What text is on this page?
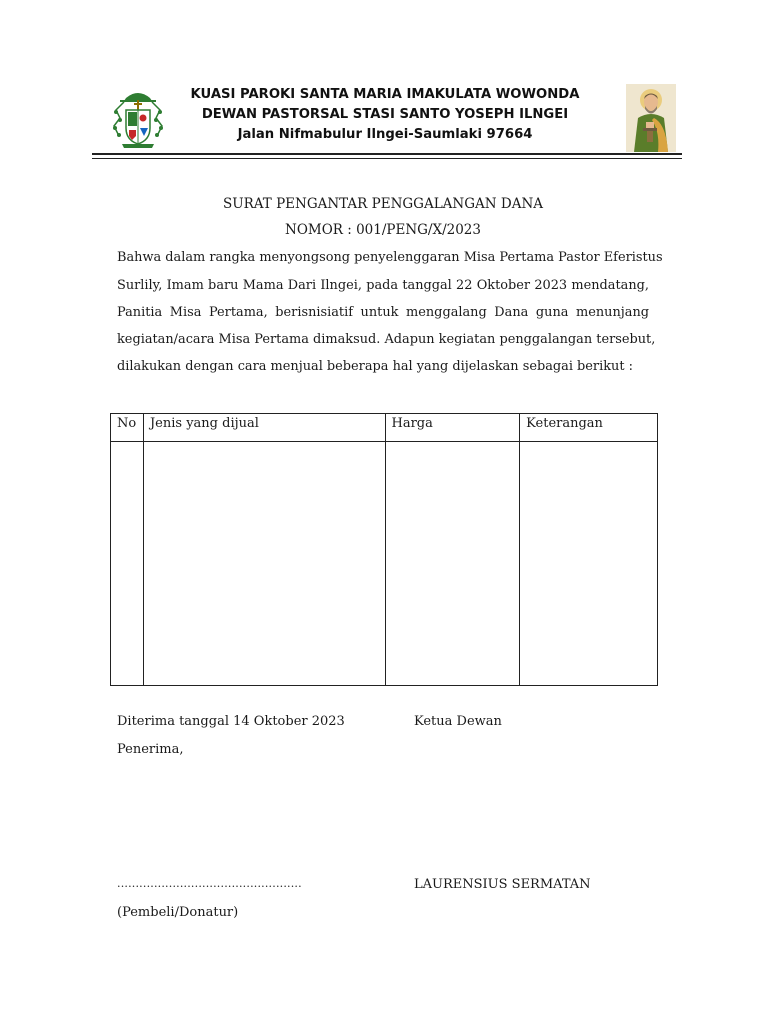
KUASI PAROKI SANTA MARIA IMAKULATA WOWONDA
DEWAN PASTORSAL STASI SANTO YOSEPH ILNGEI
Jalan Nifmabulur Ilngei-Saumlaki 97664
SURAT PENGANTAR PENGGALANGAN DANA
NOMOR : 001/PENG/X/2023
Bahwa dalam rangka menyongsong penyelenggaran Misa Pertama Pastor Eferistus
Surlily, Imam baru Mama Dari Ilngei, pada tanggal 22 Oktober 2023 mendatang,
Panitia Misa Pertama, berisnisiatif untuk menggalang Dana guna menunjang
kegiatan/acara Misa Pertama dimaksud. Adapun kegiatan penggalangan tersebut,
dilakukan dengan cara menjual beberapa hal yang dijelaskan sebagai berikut :
No	Jenis yang dijual	Harga	Keterangan

Diterima tanggal 14 Oktober 2023	Ketua Dewan
Penerima,
..................................................	LAURENSIUS SERMATAN
(Pembeli/Donatur)
